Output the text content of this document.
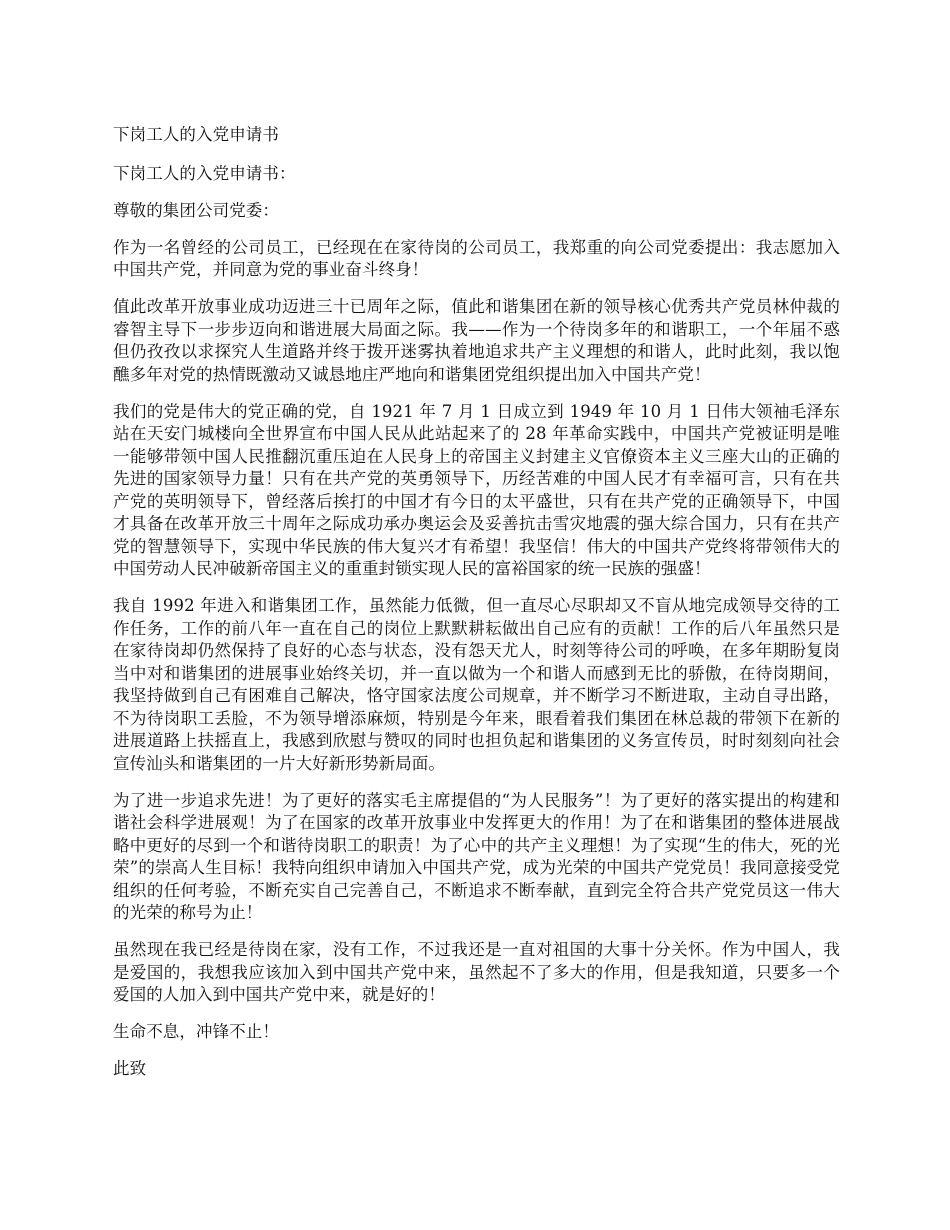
下岗工人的入党申请书

下岗工人的入党申请书：

尊敬的集团公司党委：

作为一名曾经的公司员工，已经现在在家待岗的公司员工，我郑重的向公司党委提出：我志愿加入中国共产党，并同意为党的事业奋斗终身！

值此改革开放事业成功迈进三十已周年之际，值此和谐集团在新的领导核心优秀共产党员林仲裁的睿智主导下一步步迈向和谐进展大局面之际。我——作为一个待岗多年的和谐职工，一个年届不惑但仍孜孜以求探究人生道路并终于拨开迷雾执着地追求共产主义理想的和谐人，此时此刻，我以饱醮多年对党的热情既激动又诚恳地庄严地向和谐集团党组织提出加入中国共产党！

我们的党是伟大的党正确的党，自 1921 年 7 月 1 日成立到 1949 年 10 月 1 日伟大领袖毛泽东站在天安门城楼向全世界宣布中国人民从此站起来了的 28 年革命实践中，中国共产党被证明是唯一能够带领中国人民推翻沉重压迫在人民身上的帝国主义封建主义官僚资本主义三座大山的正确的先进的国家领导力量！只有在共产党的英勇领导下，历经苦难的中国人民才有幸福可言，只有在共产党的英明领导下，曾经落后挨打的中国才有今日的太平盛世，只有在共产党的正确领导下，中国才具备在改革开放三十周年之际成功承办奥运会及妥善抗击雪灾地震的强大综合国力，只有在共产党的智慧领导下，实现中华民族的伟大复兴才有希望！我坚信！伟大的中国共产党终将带领伟大的中国劳动人民冲破新帝国主义的重重封锁实现人民的富裕国家的统一民族的强盛！

我自 1992 年进入和谐集团工作，虽然能力低微，但一直尽心尽职却又不盲从地完成领导交待的工作任务，工作的前八年一直在自己的岗位上默默耕耘做出自己应有的贡献！工作的后八年虽然只是在家待岗却仍然保持了良好的心态与状态，没有怨天尤人，时刻等待公司的呼唤，在多年期盼复岗当中对和谐集团的进展事业始终关切，并一直以做为一个和谐人而感到无比的骄傲，在待岗期间，我坚持做到自己有困难自己解决，恪守国家法度公司规章，并不断学习不断进取，主动自寻出路，不为待岗职工丢脸，不为领导增添麻烦，特别是今年来，眼看着我们集团在林总裁的带领下在新的进展道路上扶摇直上，我感到欣慰与赞叹的同时也担负起和谐集团的义务宣传员，时时刻刻向社会宣传汕头和谐集团的一片大好新形势新局面。

为了进一步追求先进！为了更好的落实毛主席提倡的“为人民服务”！为了更好的落实提出的构建和谐社会科学进展观！为了在国家的改革开放事业中发挥更大的作用！为了在和谐集团的整体进展战略中更好的尽到一个和谐待岗职工的职责！为了心中的共产主义理想！为了实现“生的伟大，死的光荣”的崇高人生目标！我特向组织申请加入中国共产党，成为光荣的中国共产党党员！我同意接受党组织的任何考验，不断充实自己完善自己，不断追求不断奉献，直到完全符合共产党党员这一伟大的光荣的称号为止！

虽然现在我已经是待岗在家，没有工作，不过我还是一直对祖国的大事十分关怀。作为中国人，我是爱国的，我想我应该加入到中国共产党中来，虽然起不了多大的作用，但是我知道，只要多一个爱国的人加入到中国共产党中来，就是好的！

生命不息，冲锋不止！

此致
